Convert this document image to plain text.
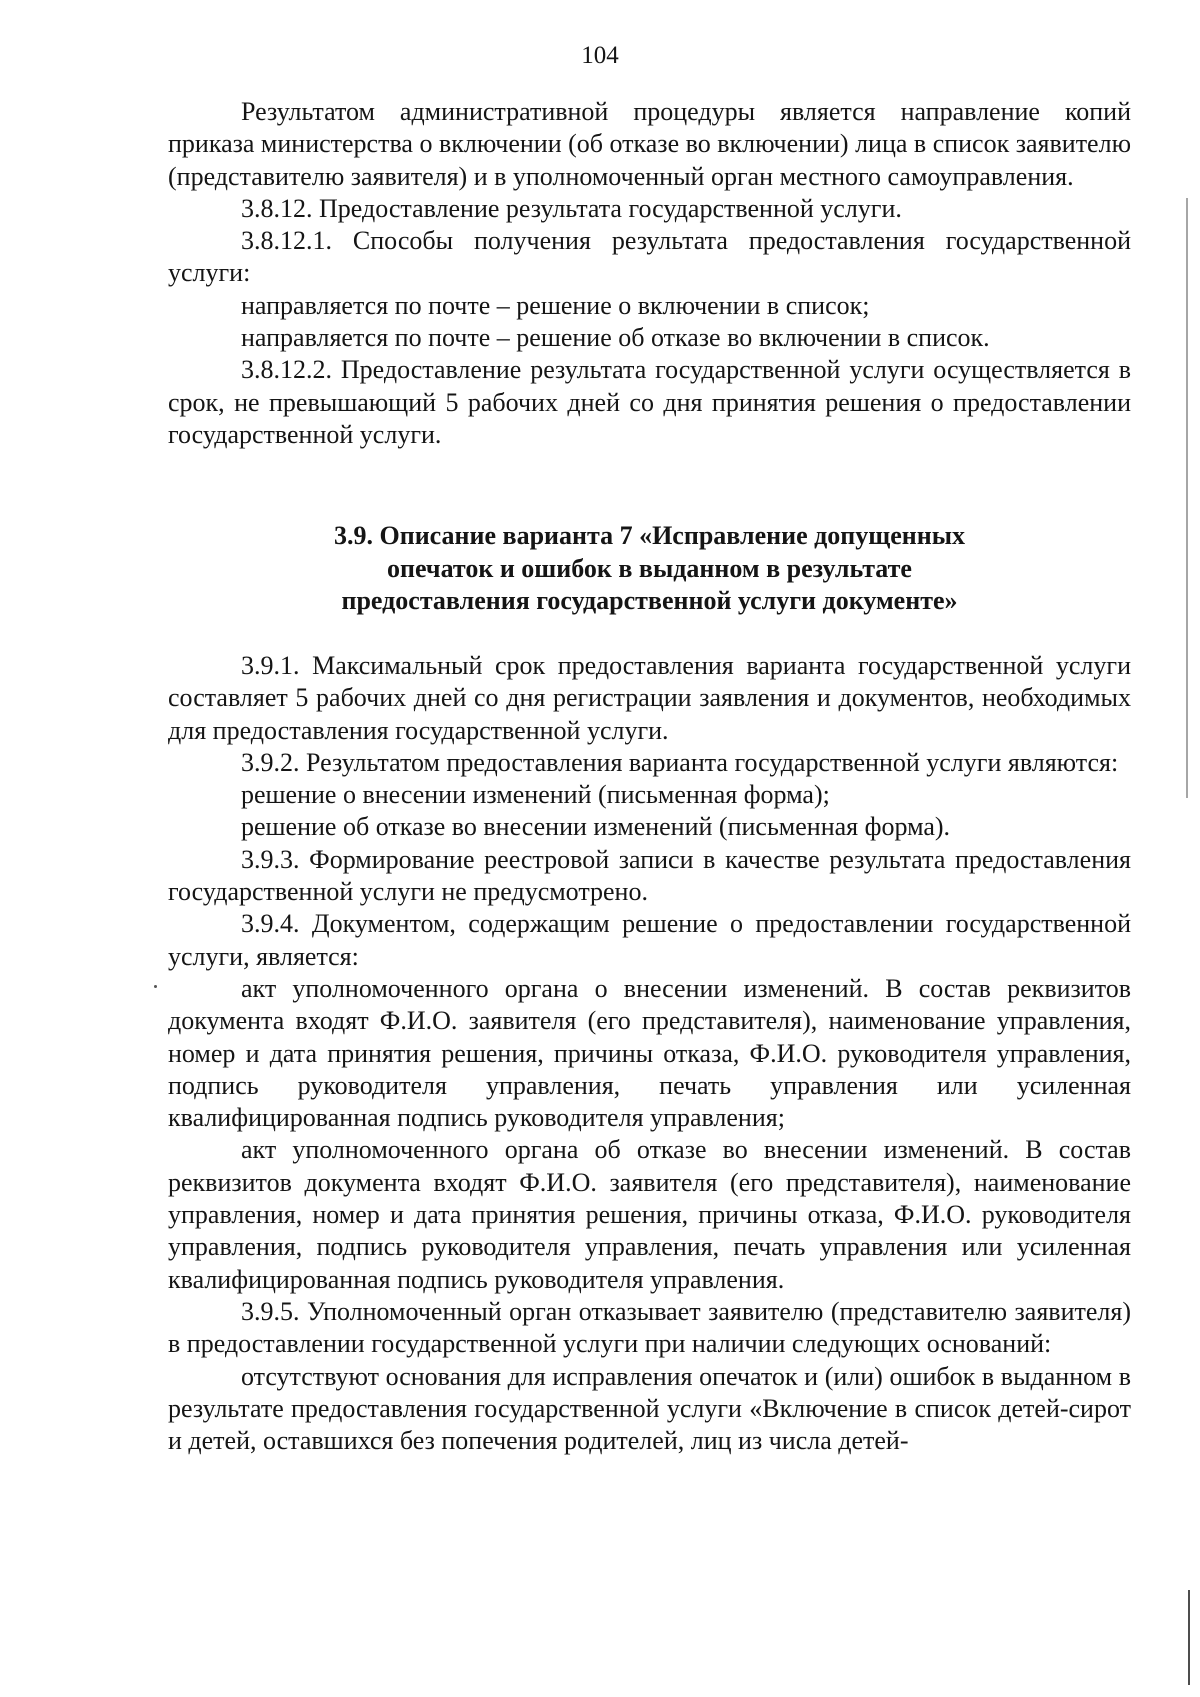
104

Результатом административной процедуры является направление копий приказа министерства о включении (об отказе во включении) лица в список заявителю (представителю заявителя) и в уполномоченный орган местного самоуправления.

3.8.12. Предоставление результата государственной услуги.

3.8.12.1. Способы получения результата предоставления государственной услуги:

направляется по почте – решение о включении в список;

направляется по почте – решение об отказе во включении в список.

3.8.12.2. Предоставление результата государственной услуги осуществляется в срок, не превышающий 5 рабочих дней со дня принятия решения о предоставлении государственной услуги.

3.9. Описание варианта 7 «Исправление допущенных
опечаток и ошибок в выданном в результате
предоставления государственной услуги документе»

3.9.1. Максимальный срок предоставления варианта государственной услуги составляет 5 рабочих дней со дня регистрации заявления и документов, необходимых для предоставления государственной услуги.

3.9.2. Результатом предоставления варианта государственной услуги являются:

решение о внесении изменений (письменная форма);

решение об отказе во внесении изменений (письменная форма).

3.9.3. Формирование реестровой записи в качестве результата предоставления государственной услуги не предусмотрено.

3.9.4. Документом, содержащим решение о предоставлении государственной услуги, является:

акт уполномоченного органа о внесении изменений. В состав реквизитов документа входят Ф.И.О. заявителя (его представителя), наименование управления, номер и дата принятия решения, причины отказа, Ф.И.О. руководителя управления, подпись руководителя управления, печать управления или усиленная квалифицированная подпись руководителя управления;

акт уполномоченного органа об отказе во внесении изменений. В состав реквизитов документа входят Ф.И.О. заявителя (его представителя), наименование управления, номер и дата принятия решения, причины отказа, Ф.И.О. руководителя управления, подпись руководителя управления, печать управления или усиленная квалифицированная подпись руководителя управления.

3.9.5. Уполномоченный орган отказывает заявителю (представителю заявителя) в предоставлении государственной услуги при наличии следующих оснований:

отсутствуют основания для исправления опечаток и (или) ошибок в выданном в результате предоставления государственной услуги «Включение в список детей-сирот и детей, оставшихся без попечения родителей, лиц из числа детей-
